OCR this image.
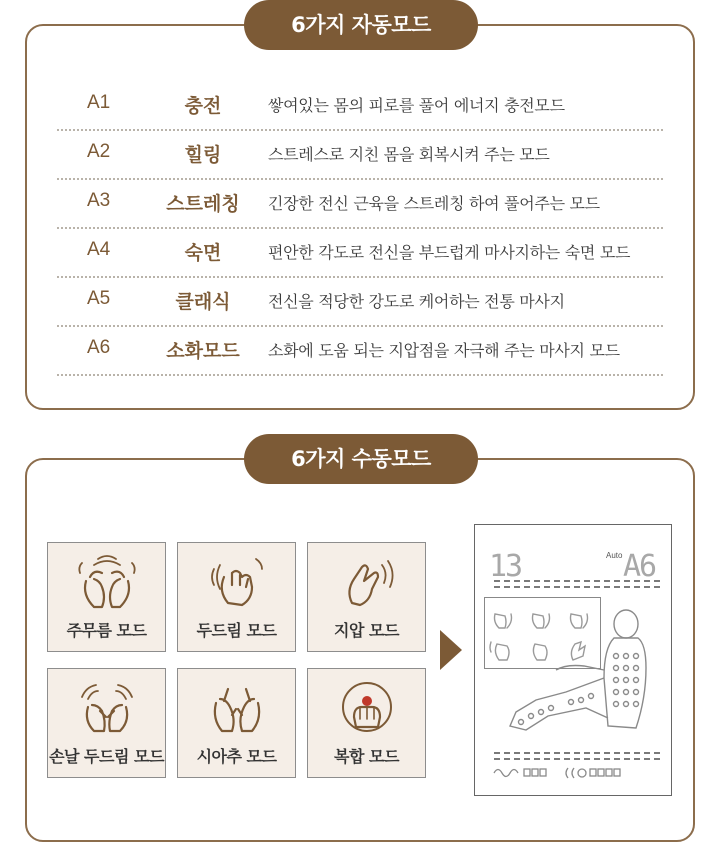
6가지 자동모드
A1	충전	쌓여있는 몸의 피로를 풀어 에너지 충전모드
A2	힐링	스트레스로 지친 몸을 회복시켜 주는 모드
A3	스트레칭	긴장한 전신 근육을 스트레칭 하여 풀어주는 모드
A4	숙면	편안한 각도로 전신을 부드럽게 마사지하는 숙면 모드
A5	클래식	전신을 적당한 강도로 케어하는 전통 마사지
A6	소화모드	소화에 도움 되는 지압점을 자극해 주는 마사지 모드
6가지 수동모드
주무름 모드	두드림 모드	지압 모드
손날 두드림 모드	시아추 모드	복합 모드
13	Auto A6
